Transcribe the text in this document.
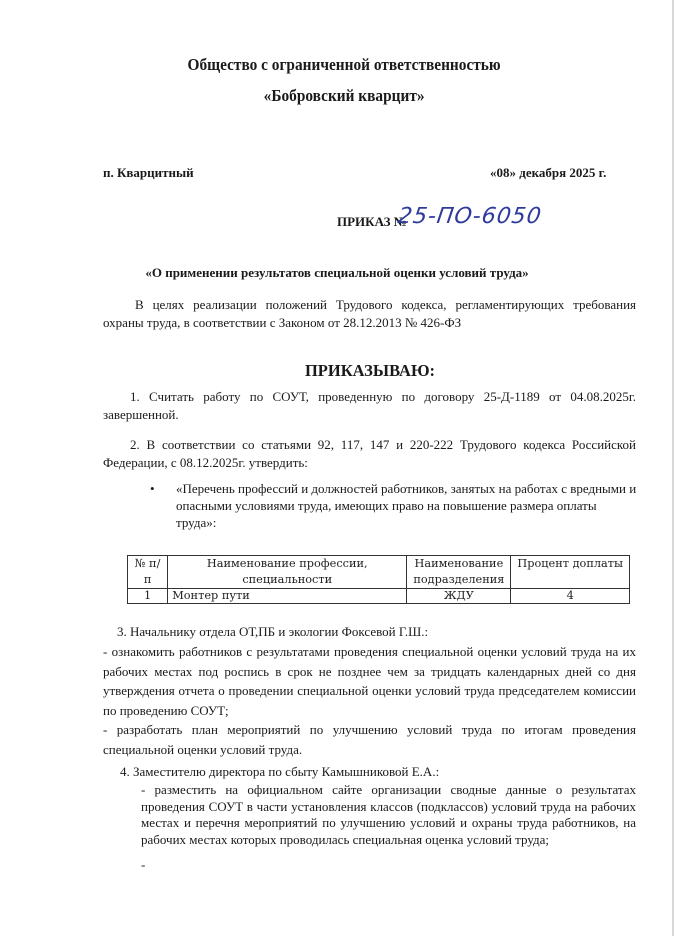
Общество с ограниченной ответственностью
«Бобровский кварцит»
п. Кварцитный	«08» декабря 2025 г.
ПРИКАЗ №
25-ПО-6050
«О применении результатов специальной оценки условий труда»
В целях реализации положений Трудового кодекса, регламентирующих требования охраны труда, в соответствии с Законом от 28.12.2013 № 426-ФЗ
ПРИКАЗЫВАЮ:
1. Считать работу по СОУТ, проведенную по договору 25-Д-1189 от 04.08.2025г. завершенной.
2. В соответствии со статьями 92, 117, 147 и 220-222 Трудового кодекса Российской Федерации, с 08.12.2025г. утвердить:
• «Перечень профессий и должностей работников, занятых на работах с вредными и опасными условиями труда, имеющих право на повышение размера оплаты труда»:
№ п/п	Наименование профессии, специальности	Наименование подразделения	Процент доплаты
1	Монтер пути	ЖДУ	4
3. Начальнику отдела ОТ,ПБ и экологии Фоксевой Г.Ш.:
- ознакомить работников с результатами проведения специальной оценки условий труда на их рабочих местах под роспись в срок не позднее чем за тридцать календарных дней со дня утверждения отчета о проведении специальной оценки условий труда председателем комиссии по проведению СОУТ;
- разработать план мероприятий по улучшению условий труда по итогам проведения специальной оценки условий труда.
4. Заместителю директора по сбыту Камышниковой Е.А.:
- разместить на официальном сайте организации сводные данные о результатах проведения СОУТ в части установления классов (подклассов) условий труда на рабочих местах и перечня мероприятий по улучшению условий и охраны труда работников, на рабочих местах которых проводилась специальная оценка условий труда;
-
